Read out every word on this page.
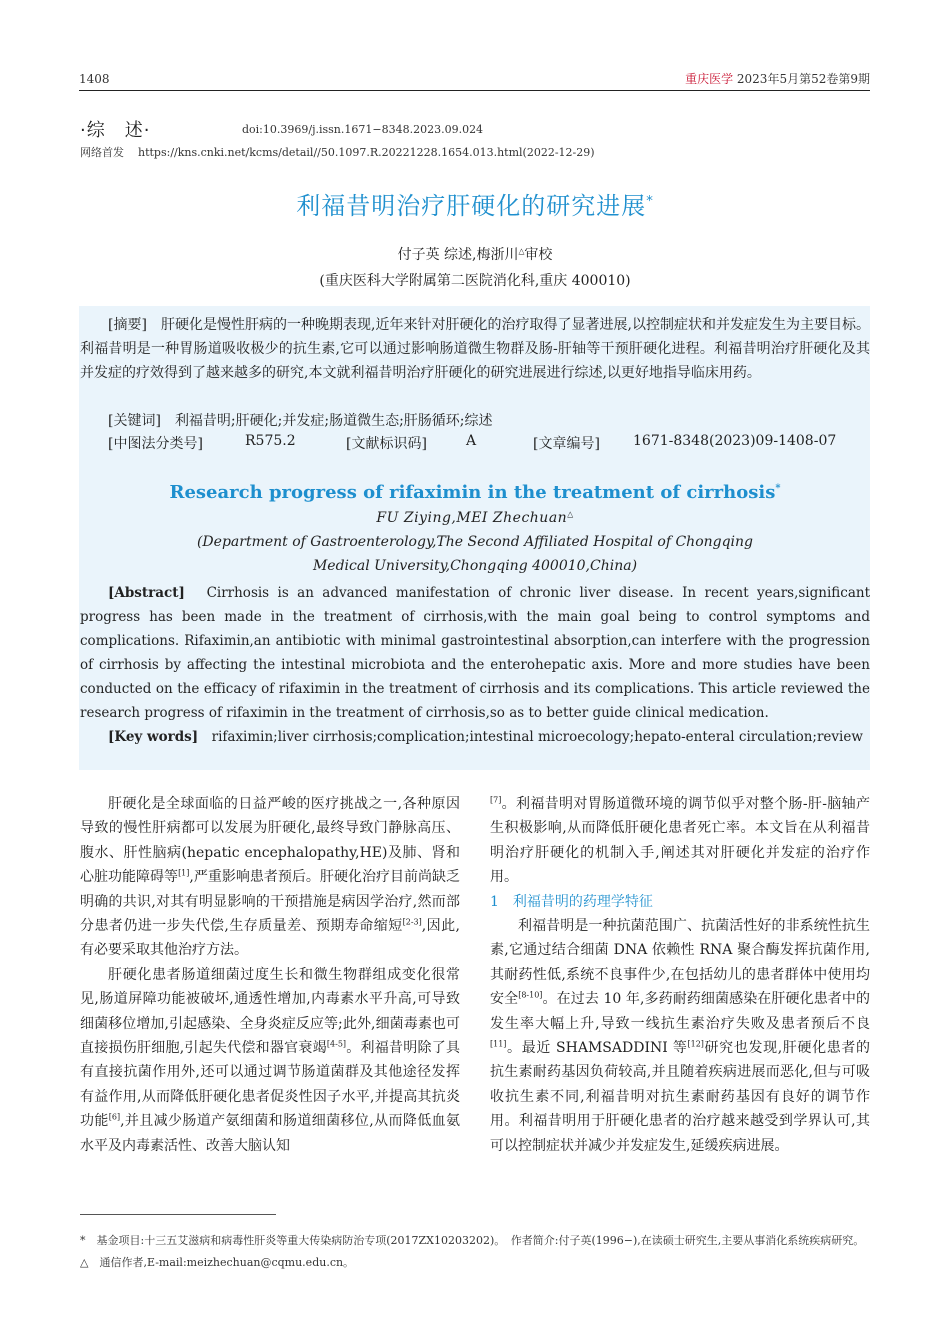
1408	重庆医学 2023年5月第52卷第9期
·综　述·	doi:10.3969/j.issn.1671−8348.2023.09.024
网络首发 https://kns.cnki.net/kcms/detail//50.1097.R.20221228.1654.013.html(2022-12-29)
利福昔明治疗肝硬化的研究进展*
付子英 综述,梅浙川△审校
(重庆医科大学附属第二医院消化科,重庆 400010)
[摘要]　 肝硬化是慢性肝病的一种晚期表现,近年来针对肝硬化的治疗取得了显著进展,以控制症状和并发症发生为主要目标。利福昔明是一种胃肠道吸收极少的抗生素,它可以通过影响肠道微生物群及肠-肝轴等干预肝硬化进程。利福昔明治疗肝硬化及其并发症的疗效得到了越来越多的研究,本文就利福昔明治疗肝硬化的研究进展进行综述,以更好地指导临床用药。
[关键词]　 利福昔明;肝硬化;并发症;肠道微生态;肝肠循环;综述
[中图法分类号]	R575.2	[文献标识码]	A	[文章编号] 1671-8348(2023)09-1408-07
Research progress of rifaximin in the treatment of cirrhosis*
FU Ziying,MEI Zhechuan△
(Department of Gastroenterology,The Second Affiliated Hospital of Chongqing
Medical University,Chongqing 400010,China)
[Abstract]　 Cirrhosis is an advanced manifestation of chronic liver disease. In recent years,significant progress has been made in the treatment of cirrhosis,with the main goal being to control symptoms and complications. Rifaximin,an antibiotic with minimal gastrointestinal absorption,can interfere with the progression of cirrhosis by affecting the intestinal microbiota and the enterohepatic axis. More and more studies have been conducted on the efficacy of rifaximin in the treatment of cirrhosis and its complications. This article reviewed the research progress of rifaximin in the treatment of cirrhosis,so as to better guide clinical medication.
[Key words]　 rifaximin;liver cirrhosis;complication;intestinal microecology;hepato-enteral circulation;review

肝硬化是全球面临的日益严峻的医疗挑战之一,各种原因导致的慢性肝病都可以发展为肝硬化,最终导致门静脉高压、腹水、肝性脑病(hepatic encephalopathy,HE)及肺、肾和心脏功能障碍等[1],严重影响患者预后。肝硬化治疗目前尚缺乏明确的共识,对其有明显影响的干预措施是病因学治疗,然而部分患者仍进一步失代偿,生存质量差、预期寿命缩短[2-3],因此,有必要采取其他治疗方法。

肝硬化患者肠道细菌过度生长和微生物群组成变化很常见,肠道屏障功能被破坏,通透性增加,内毒素水平升高,可导致细菌移位增加,引起感染、全身炎症反应等;此外,细菌毒素也可直接损伤肝细胞,引起失代偿和器官衰竭[4-5]。利福昔明除了具有直接抗菌作用外,还可以通过调节肠道菌群及其他途径发挥有益作用,从而降低肝硬化患者促炎性因子水平,并提高其抗炎功能[6],并且减少肠道产氨细菌和肠道细菌移位,从而降低血氨水平及内毒素活性、改善大脑认知

[7]。利福昔明对胃肠道微环境的调节似乎对整个肠-肝-脑轴产生积极影响,从而降低肝硬化患者死亡率。本文旨在从利福昔明治疗肝硬化的机制入手,阐述其对肝硬化并发症的治疗作用。

1　利福昔明的药理学特征

利福昔明是一种抗菌范围广、抗菌活性好的非系统性抗生素,它通过结合细菌 DNA 依赖性 RNA 聚合酶发挥抗菌作用,其耐药性低,系统不良事件少,在包括幼儿的患者群体中使用均安全[8-10]。在过去 10 年,多药耐药细菌感染在肝硬化患者中的发生率大幅上升,导致一线抗生素治疗失败及患者预后不良[11]。最近 SHAMSADDINI 等[12]研究也发现,肝硬化患者的抗生素耐药基因负荷较高,并且随着疾病进展而恶化,但与可吸收抗生素不同,利福昔明对抗生素耐药基因有良好的调节作用。利福昔明用于肝硬化患者的治疗越来越受到学界认可,其可以控制症状并减少并发症发生,延缓疾病进展。

*　 基金项目:十三五艾滋病和病毒性肝炎等重大传染病防治专项(2017ZX10203202)。　 作者简介:付子英(1996−),在读硕士研究生,主要从事消化系统疾病研究。　△　 通信作者,E-mail:meizhechuan@cqmu.edu.cn。
